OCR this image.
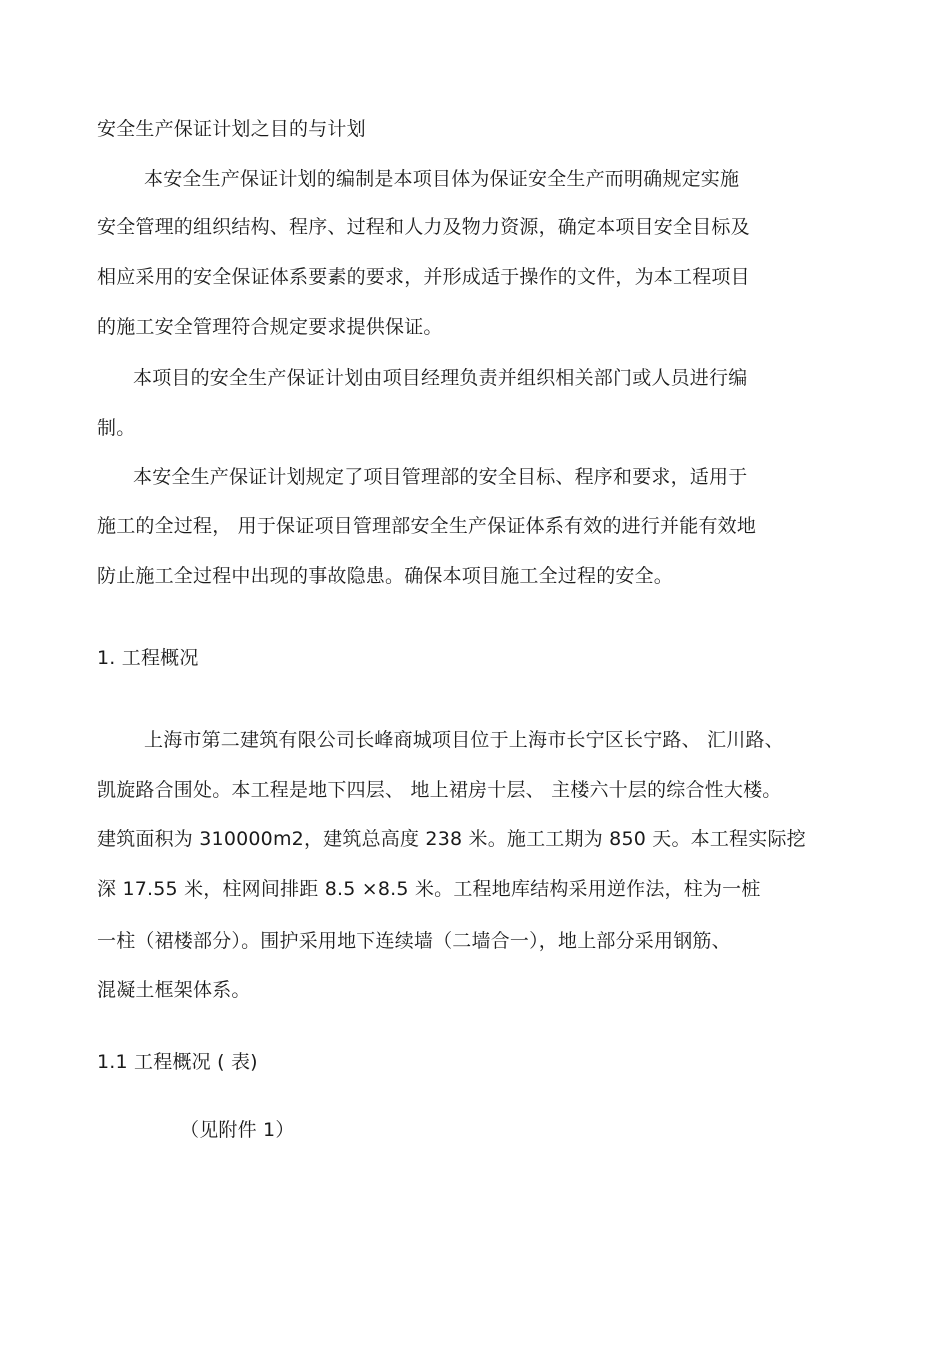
安全生产保证计划之目的与计划
本安全生产保证计划的编制是本项目体为保证安全生产而明确规定实施
安全管理的组织结构、程序、过程和人力及物力资源，确定本项目安全目标及
相应采用的安全保证体系要素的要求，并形成适于操作的文件，为本工程项目
的施工安全管理符合规定要求提供保证。
本项目的安全生产保证计划由项目经理负责并组织相关部门或人员进行编
制。
本安全生产保证计划规定了项目管理部的安全目标、程序和要求，适用于
施工的全过程， 用于保证项目管理部安全生产保证体系有效的进行并能有效地
防止施工全过程中出现的事故隐患。确保本项目施工全过程的安全。
1. 工程概况
上海市第二建筑有限公司长峰商城项目位于上海市长宁区长宁路、 汇川路、
凯旋路合围处。本工程是地下四层、 地上裙房十层、 主楼六十层的综合性大楼。
建筑面积为 310000m2，建筑总高度 238 米。施工工期为 850 天。本工程实际挖
深 17.55 米，柱网间排距 8.5 ×8.5 米。工程地库结构采用逆作法，柱为一桩
一柱（裙楼部分）。围护采用地下连续墙（二墙合一），地上部分采用钢筋、
混凝土框架体系。
1.1 工程概况 ( 表)
（见附件 1）
